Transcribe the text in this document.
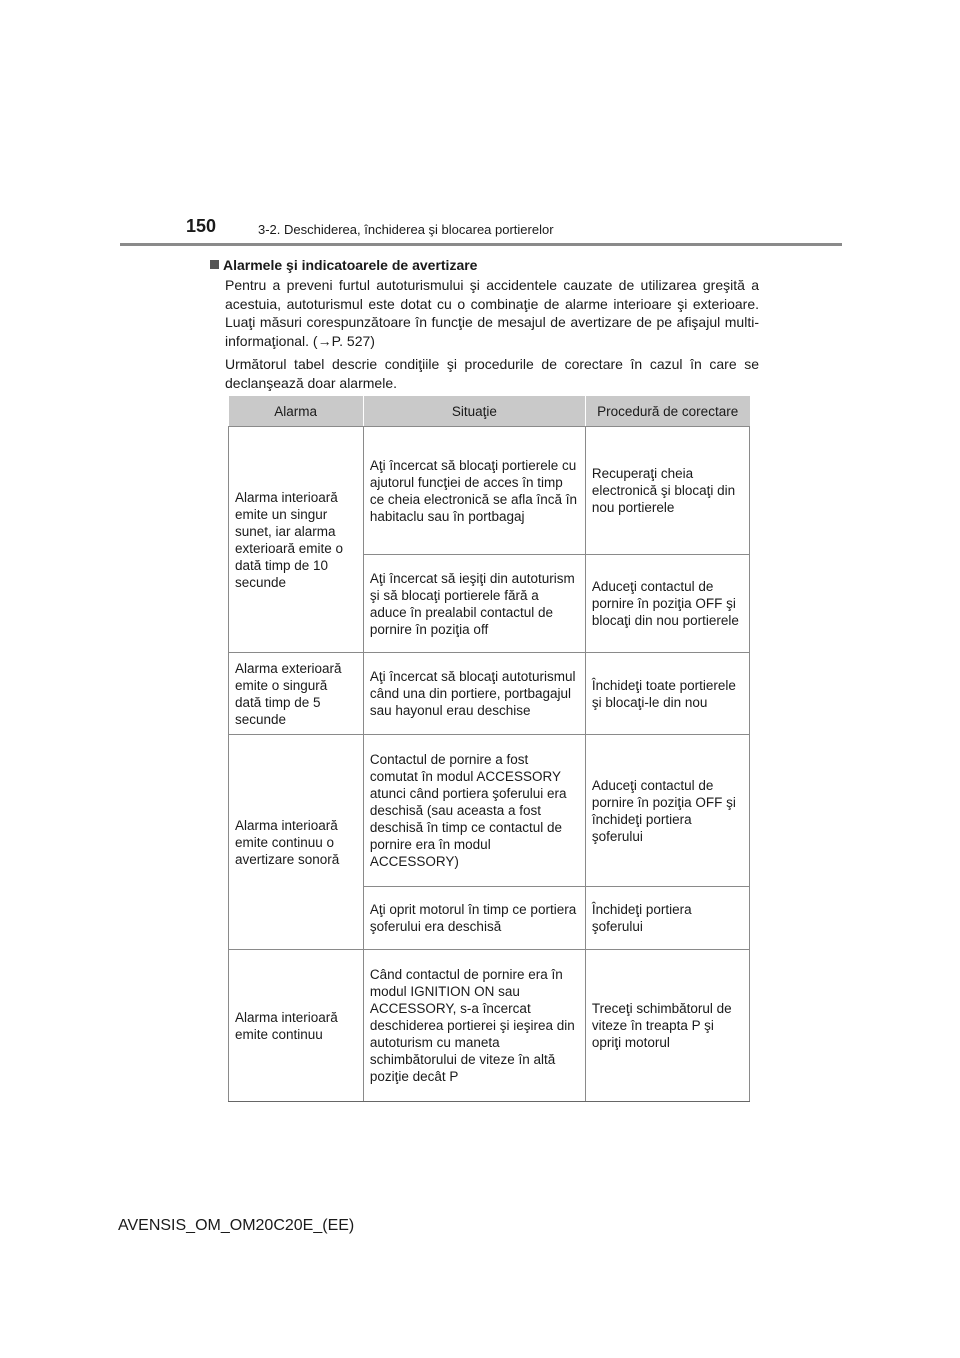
150	3-2. Deschiderea, închiderea şi blocarea portierelor
Alarmele şi indicatoarele de avertizare

Pentru a preveni furtul autoturismului şi accidentele cauzate de utilizarea greşită a acestuia, autoturismul este dotat cu o combinaţie de alarme interioare şi exterioare. Luaţi măsuri corespunzătoare în funcţie de mesajul de avertizare de pe afişajul multi-informaţional. (→P. 527)

Următorul tabel descrie condiţiile şi procedurile de corectare în cazul în care se declanşează doar alarmele.

Alarma	Situaţie	Procedură de corectare
Alarma interioară emite un singur sunet, iar alarma exterioară emite o dată timp de 10 secunde	Aţi încercat să blocaţi portierele cu ajutorul funcţiei de acces în timp ce cheia electronică se afla încă în habitaclu sau în portbagaj	Recuperaţi cheia electronică şi blocaţi din nou portierele
	Aţi încercat să ieşiţi din autoturism şi să blocaţi portierele fără a aduce în prealabil contactul de pornire în poziţia off	Aduceţi contactul de pornire în poziţia OFF şi blocaţi din nou portierele
Alarma exterioară emite o singură dată timp de 5 secunde	Aţi încercat să blocaţi autoturismul când una din portiere, portbagajul sau hayonul erau deschise	Închideţi toate portierele şi blocaţi-le din nou
Alarma interioară emite continuu o avertizare sonoră	Contactul de pornire a fost comutat în modul ACCESSORY atunci când portiera şoferului era deschisă (sau aceasta a fost deschisă în timp ce contactul de pornire era în modul ACCESSORY)	Aduceţi contactul de pornire în poziţia OFF şi închideţi portiera şoferului
	Aţi oprit motorul în timp ce portiera şoferului era deschisă	Închideţi portiera şoferului
Alarma interioară emite continuu	Când contactul de pornire era în modul IGNITION ON sau ACCESSORY, s-a încercat deschiderea portierei şi ieşirea din autoturism cu maneta schimbătorului de viteze în altă poziţie decât P	Treceţi schimbătorul de viteze în treapta P şi opriţi motorul
AVENSIS_OM_OM20C20E_(EE)
